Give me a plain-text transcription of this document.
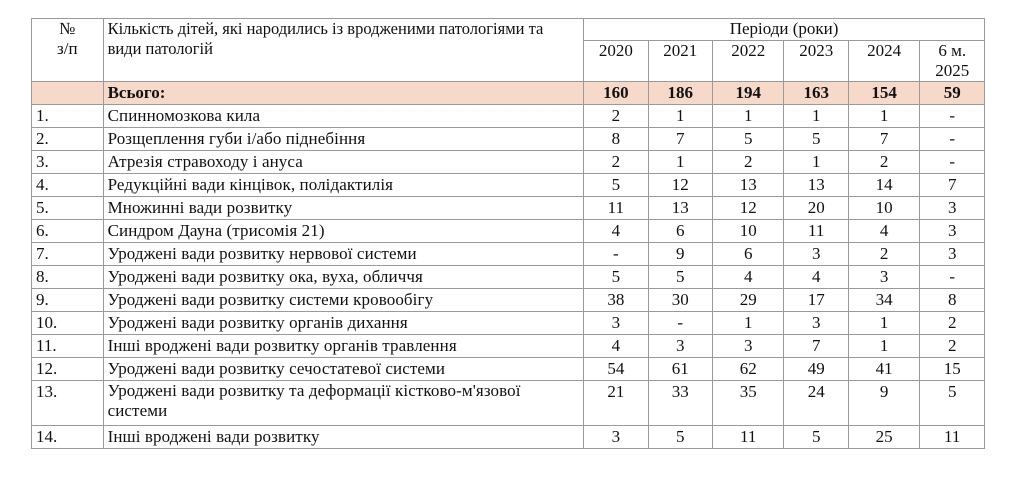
№
з/п	Кількість дітей, які народились із вродженими патологіями та види патологій	Періоди (роки)					
		2020	2021	2022	2023	2024	6 м.
2025
	Всього:	160	186	194	163	154	59
1.	Спинномозкова кила	2	1	1	1	1	-
2.	Розщеплення губи і/або піднебіння	8	7	5	5	7	-
3.	Атрезія стравоходу і ануса	2	1	2	1	2	-
4.	Редукційні вади кінцівок, полідактилія	5	12	13	13	14	7
5.	Множинні вади розвитку	11	13	12	20	10	3
6.	Синдром Дауна (трисомія 21)	4	6	10	11	4	3
7.	Уроджені вади розвитку нервової системи	-	9	6	3	2	3
8.	Уроджені вади розвитку ока, вуха, обличчя	5	5	4	4	3	-
9.	Уроджені вади розвитку системи кровообігу	38	30	29	17	34	8
10.	Уроджені вади розвитку органів дихання	3	-	1	3	1	2
11.	Інші вроджені вади розвитку органів травлення	4	3	3	7	1	2
12.	Уроджені вади розвитку сечостатевої системи	54	61	62	49	41	15
13.	Уроджені вади розвитку та деформації кістково-м'язової системи	21	33	35	24	9	5
14.	Інші вроджені вади розвитку	3	5	11	5	25	11
